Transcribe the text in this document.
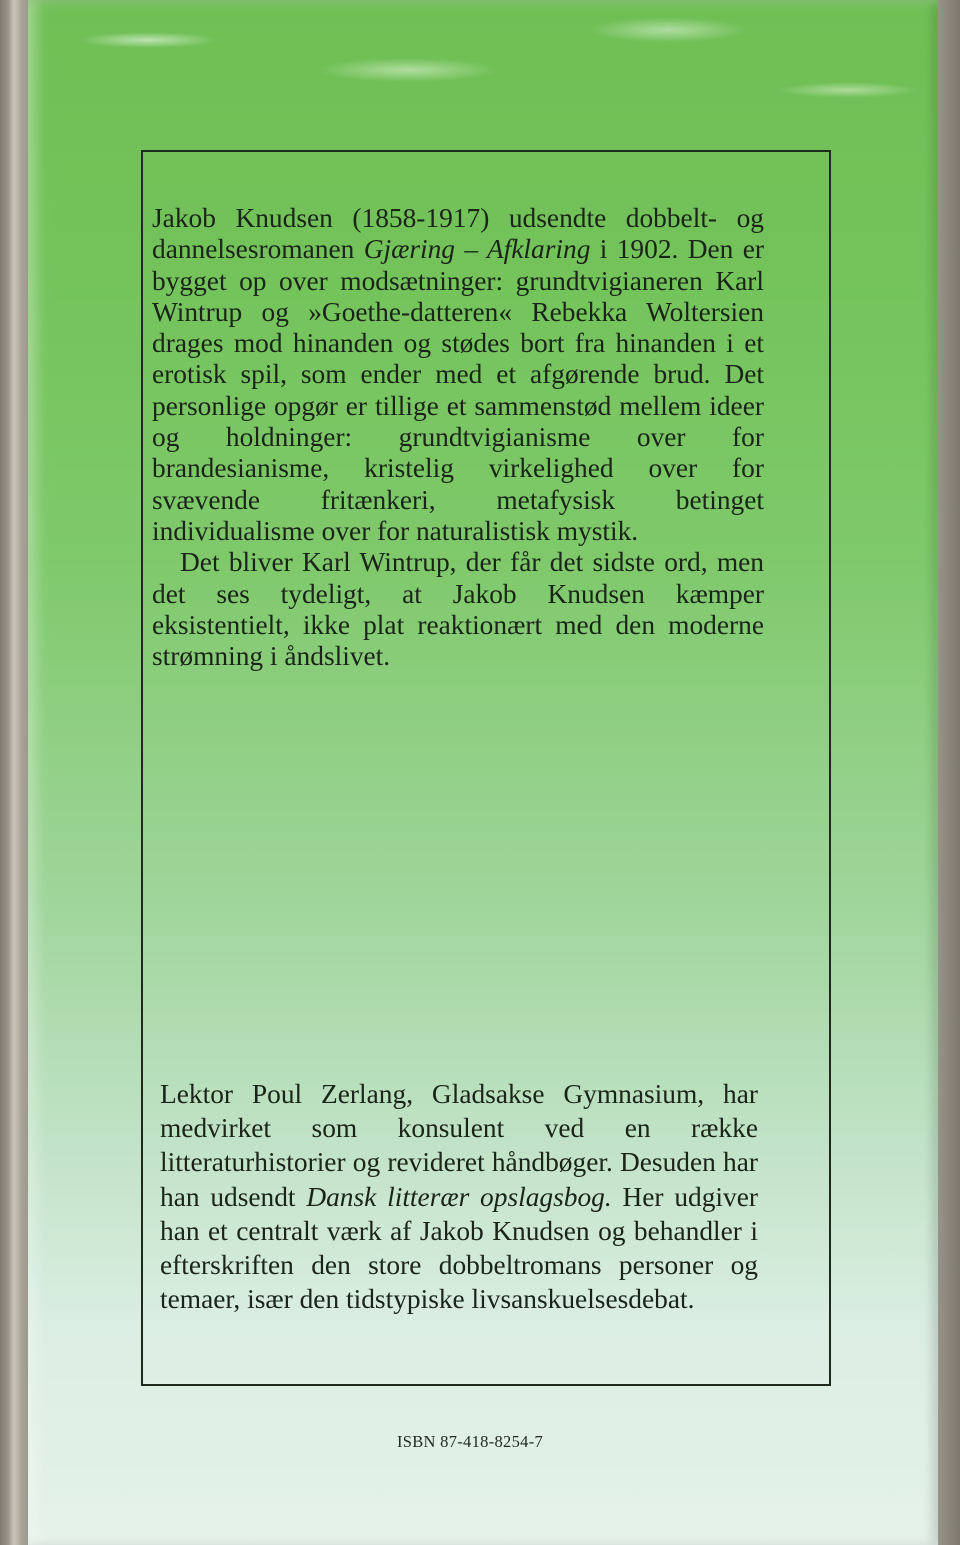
Jakob Knudsen (1858-1917) udsendte dobbelt- og dannelsesromanen Gjæring – Afklaring i 1902. Den er bygget op over modsætninger: grundtvigianeren Karl Wintrup og »Goethe-datteren« Rebekka Woltersien drages mod hinanden og stødes bort fra hinanden i et erotisk spil, som ender med et afgørende brud. Det personlige opgør er tillige et sammenstød mellem ideer og holdninger: grundtvigianisme over for brandesianisme, kristelig virkelighed over for svævende fritænkeri, metafysisk betinget individualisme over for naturalistisk mystik.

Det bliver Karl Wintrup, der får det sidste ord, men det ses tydeligt, at Jakob Knudsen kæmper eksistentielt, ikke plat reaktionært med den moderne strømning i åndslivet.

Lektor Poul Zerlang, Gladsakse Gymnasium, har medvirket som konsulent ved en række litteraturhistorier og revideret håndbøger. Desuden har han udsendt Dansk litterær opslagsbog. Her udgiver han et centralt værk af Jakob Knudsen og behandler i efterskriften den store dobbeltromans personer og temaer, især den tidstypiske livsanskuelsesdebat.
ISBN 87-418-8254-7
